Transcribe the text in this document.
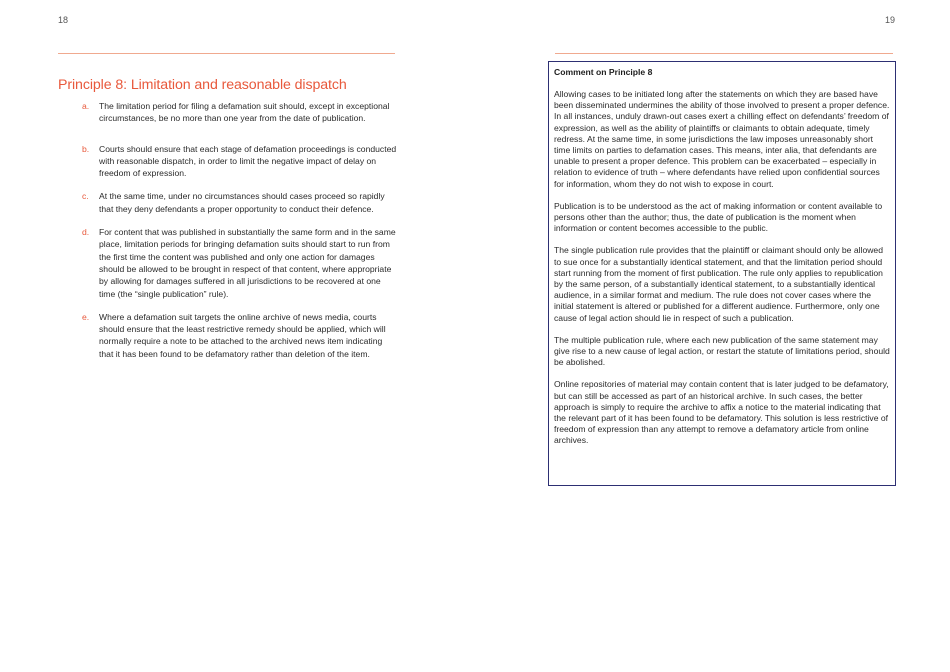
18	19
Principle 8: Limitation and reasonable dispatch
a. The limitation period for filing a defamation suit should, except in exceptional circumstances, be no more than one year from the date of publication.
b. Courts should ensure that each stage of defamation proceedings is conducted with reasonable dispatch, in order to limit the negative impact of delay on freedom of expression.
c. At the same time, under no circumstances should cases proceed so rapidly that they deny defendants a proper opportunity to conduct their defence.
d. For content that was published in substantially the same form and in the same place, limitation periods for bringing defamation suits should start to run from the first time the content was published and only one action for damages should be allowed to be brought in respect of that content, where appropriate by allowing for damages suffered in all jurisdictions to be recovered at one time (the “single publication” rule).
e. Where a defamation suit targets the online archive of news media, courts should ensure that the least restrictive remedy should be applied, which will normally require a note to be attached to the archived news item indicating that it has been found to be defamatory rather than deletion of the item.

Comment on Principle 8

Allowing cases to be initiated long after the statements on which they are based have been disseminated undermines the ability of those involved to present a proper defence. In all instances, unduly drawn-out cases exert a chilling effect on defendants’ freedom of expression, as well as the ability of plaintiffs or claimants to obtain adequate, timely redress. At the same time, in some jurisdictions the law imposes unreasonably short time limits on parties to defamation cases. This means, inter alia, that defendants are unable to present a proper defence. This problem can be exacerbated – especially in relation to evidence of truth – where defendants have relied upon confidential sources for information, whom they do not wish to expose in court.

Publication is to be understood as the act of making information or content available to persons other than the author; thus, the date of publication is the moment when information or content becomes accessible to the public.

The single publication rule provides that the plaintiff or claimant should only be allowed to sue once for a substantially identical statement, and that the limitation period should start running from the moment of first publication. The rule only applies to republication by the same person, of a substantially identical statement, to a substantially identical audience, in a similar format and medium. The rule does not cover cases where the initial statement is altered or published for a different audience. Furthermore, only one cause of legal action should lie in respect of such a publication.

The multiple publication rule, where each new publication of the same statement may give rise to a new cause of legal action, or restart the statute of limitations period, should be abolished.

Online repositories of material may contain content that is later judged to be defamatory, but can still be accessed as part of an historical archive. In such cases, the better approach is simply to require the archive to affix a notice to the material indicating that the relevant part of it has been found to be defamatory. This solution is less restrictive of freedom of expression than any attempt to remove a defamatory article from online archives.
